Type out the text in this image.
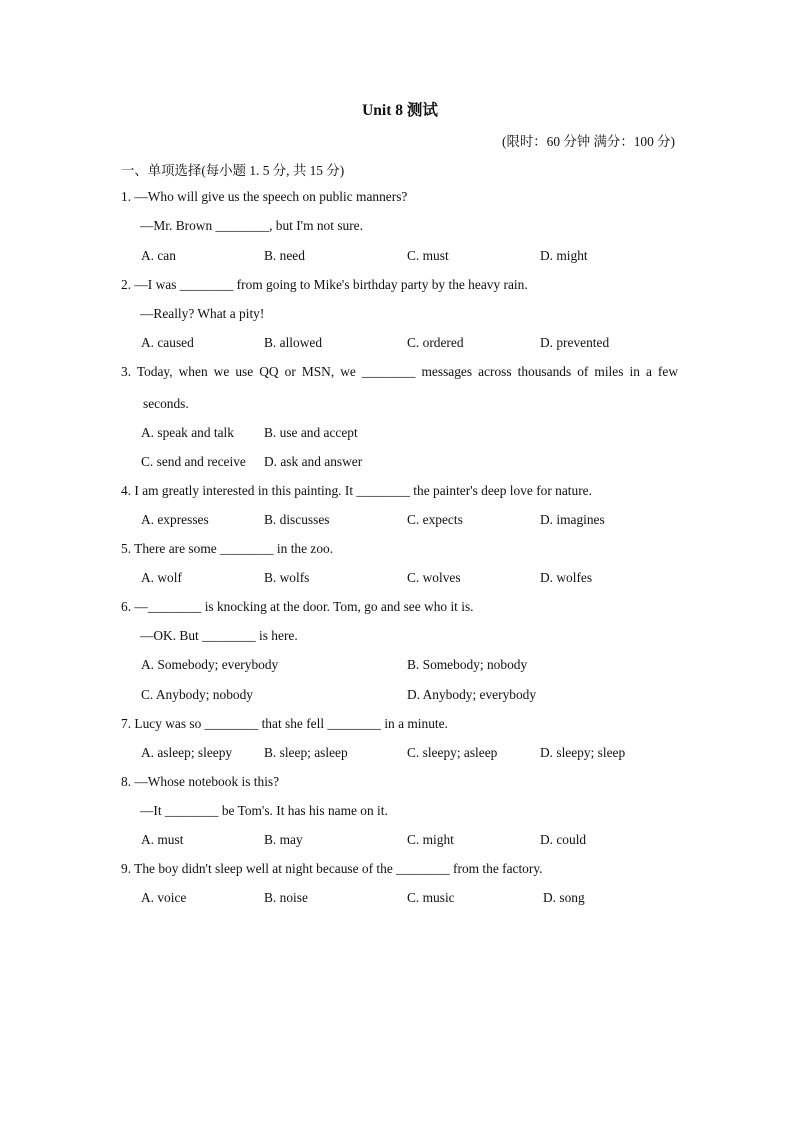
Unit 8 测试
(限时：60 分钟 满分：100 分)
一、单项选择(每小题 1. 5 分, 共 15 分)
1. —Who will give us the speech on public manners?
—Mr. Brown ________, but I'm not sure.
A. can	B. need	C. must	D. might
2. —I was ________ from going to Mike's birthday party by the heavy rain.
—Really? What a pity!
A. caused	B. allowed	C. ordered	D. prevented
3. Today, when we use QQ or MSN, we ________ messages across thousands of miles in a few
seconds.
A. speak and talk B. use and accept
C. send and receive D. ask and answer
4. I am greatly interested in this painting. It ________ the painter's deep love for nature.
A. expresses	B. discusses	C. expects	D. imagines
5. There are some ________ in the zoo.
A. wolf	B. wolfs	C. wolves	D. wolfes
6. —________ is knocking at the door. Tom, go and see who it is.
—OK. But ________ is here.
A. Somebody; everybody	B. Somebody; nobody
C. Anybody; nobody	D. Anybody; everybody
7. Lucy was so ________ that she fell ________ in a minute.
A. asleep; sleepy B. sleep; asleep	C. sleepy; asleep	D. sleepy; sleep
8. —Whose notebook is this?
—It ________ be Tom's. It has his name on it.
A. must	B. may	C. might	D. could
9. The boy didn't sleep well at night because of the ________ from the factory.
A. voice	B. noise	C. music	D. song
